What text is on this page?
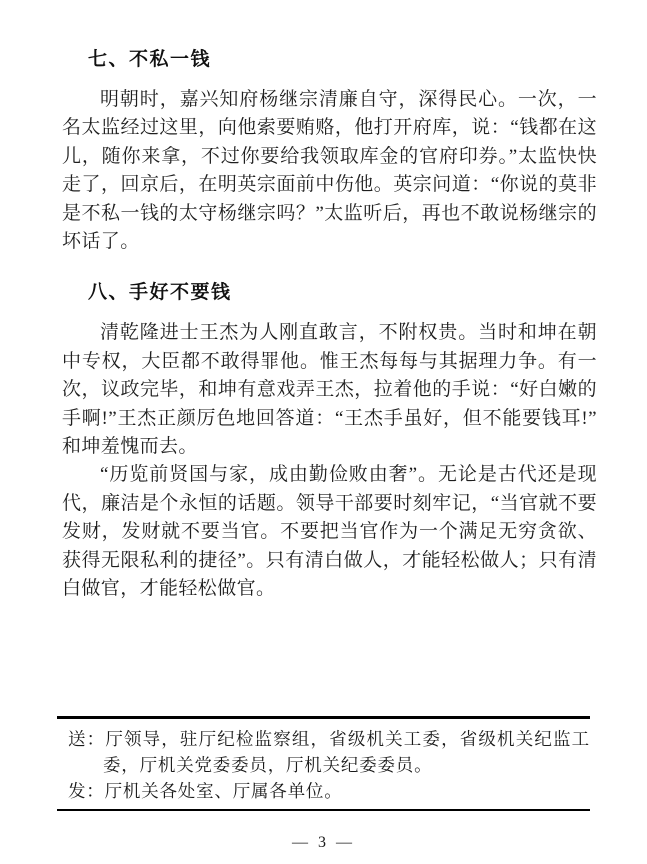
七、不私一钱

明朝时，嘉兴知府杨继宗清廉自守，深得民心。一次，一名太监经过这里，向他索要贿赂，他打开府库，说：“钱都在这儿，随你来拿，不过你要给我领取库金的官府印券。”太监快快走了，回京后，在明英宗面前中伤他。英宗问道：“你说的莫非是不私一钱的太守杨继宗吗？”太监听后，再也不敢说杨继宗的坏话了。

八、手好不要钱

清乾隆进士王杰为人刚直敢言，不附权贵。当时和坤在朝中专权，大臣都不敢得罪他。惟王杰每每与其据理力争。有一次，议政完毕，和坤有意戏弄王杰，拉着他的手说：“好白嫩的手啊!”王杰正颜厉色地回答道：“王杰手虽好，但不能要钱耳!”和坤羞愧而去。

“历览前贤国与家，成由勤俭败由奢”。无论是古代还是现代，廉洁是个永恒的话题。领导干部要时刻牢记，“当官就不要发财，发财就不要当官。不要把当官作为一个满足无穷贪欲、获得无限私利的捷径”。只有清白做人，才能轻松做人；只有清白做官，才能轻松做官。

送：厅领导，驻厅纪检监察组，省级机关工委，省级机关纪监工委，厅机关党委委员，厅机关纪委委员。

发：厅机关各处室、厅属各单位。

— 3 —
